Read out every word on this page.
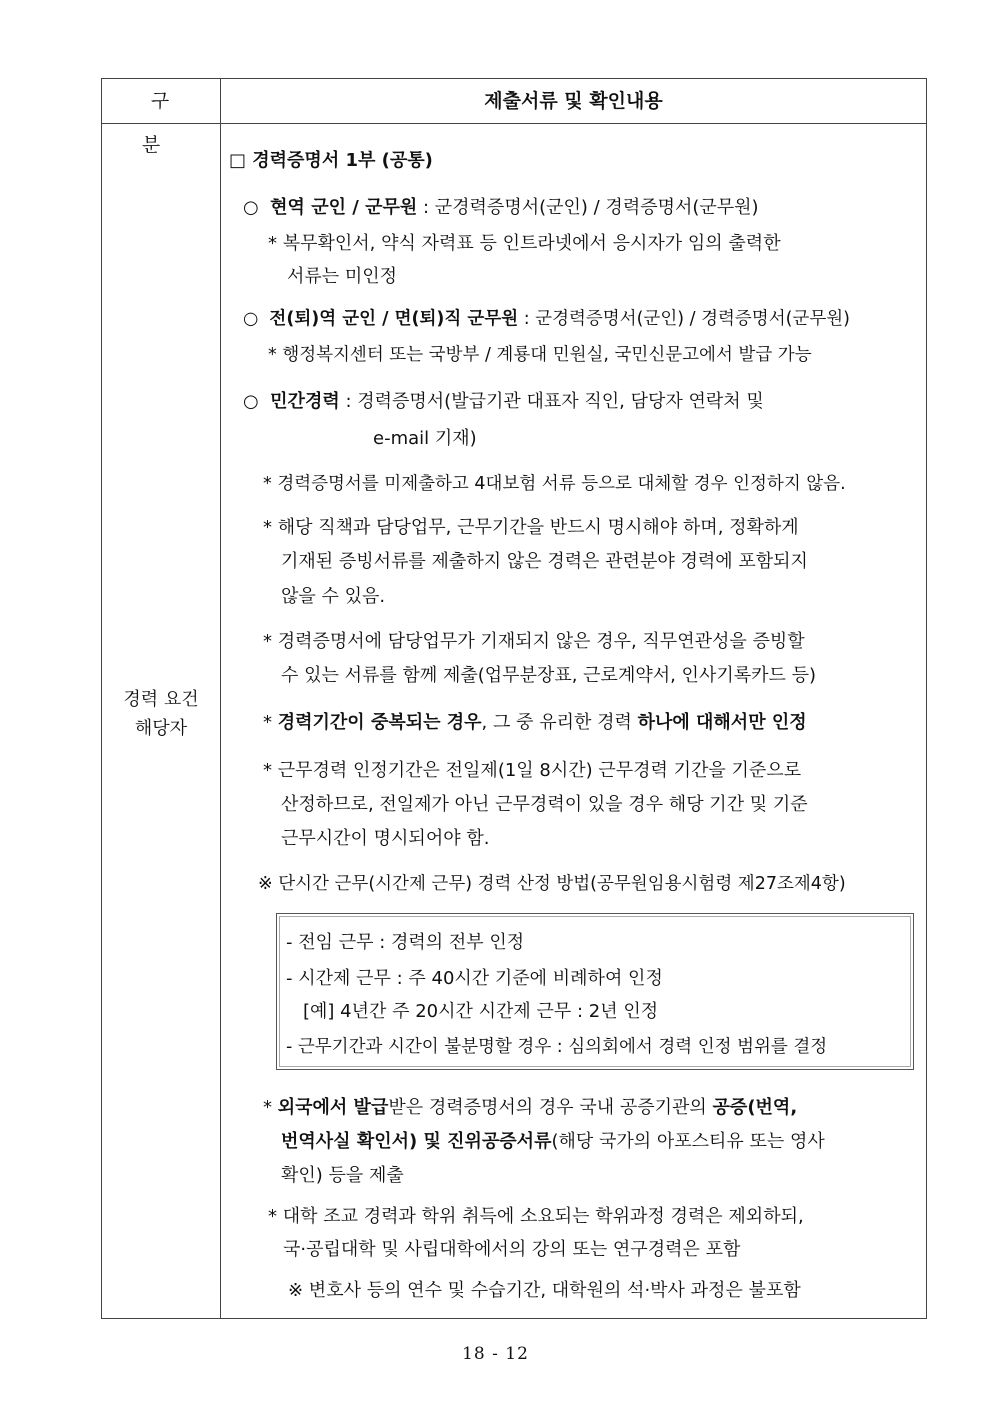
구 분
제출서류 및 확인내용
경력 요건
해당자
□ 경력증명서 1부 (공통)
○ 현역 군인 / 군무원 : 군경력증명서(군인) / 경력증명서(군무원)
* 복무확인서, 약식 자력표 등 인트라넷에서 응시자가 임의 출력한
서류는 미인정
○ 전(퇴)역 군인 / 면(퇴)직 군무원 : 군경력증명서(군인) / 경력증명서(군무원)
* 행정복지센터 또는 국방부 / 계룡대 민원실, 국민신문고에서 발급 가능
○ 민간경력 : 경력증명서(발급기관 대표자 직인, 담당자 연락처 및
e-mail 기재)
* 경력증명서를 미제출하고 4대보험 서류 등으로 대체할 경우 인정하지 않음.
* 해당 직책과 담당업무, 근무기간을 반드시 명시해야 하며, 정확하게
기재된 증빙서류를 제출하지 않은 경력은 관련분야 경력에 포함되지
않을 수 있음.
* 경력증명서에 담당업무가 기재되지 않은 경우, 직무연관성을 증빙할
수 있는 서류를 함께 제출(업무분장표, 근로계약서, 인사기록카드 등)
* 경력기간이 중복되는 경우, 그 중 유리한 경력 하나에 대해서만 인정
* 근무경력 인정기간은 전일제(1일 8시간) 근무경력 기간을 기준으로
산정하므로, 전일제가 아닌 근무경력이 있을 경우 해당 기간 및 기준
근무시간이 명시되어야 함.
※ 단시간 근무(시간제 근무) 경력 산정 방법(공무원임용시험령 제27조제4항)
- 전임 근무 : 경력의 전부 인정
- 시간제 근무 : 주 40시간 기준에 비례하여 인정
[예] 4년간 주 20시간 시간제 근무 : 2년 인정
- 근무기간과 시간이 불분명할 경우 : 심의회에서 경력 인정 범위를 결정
* 외국에서 발급받은 경력증명서의 경우 국내 공증기관의 공증(번역,
번역사실 확인서) 및 진위공증서류(해당 국가의 아포스티유 또는 영사
확인) 등을 제출
* 대학 조교 경력과 학위 취득에 소요되는 학위과정 경력은 제외하되,
국·공립대학 및 사립대학에서의 강의 또는 연구경력은 포함
※ 변호사 등의 연수 및 수습기간, 대학원의 석·박사 과정은 불포함
18 - 12
